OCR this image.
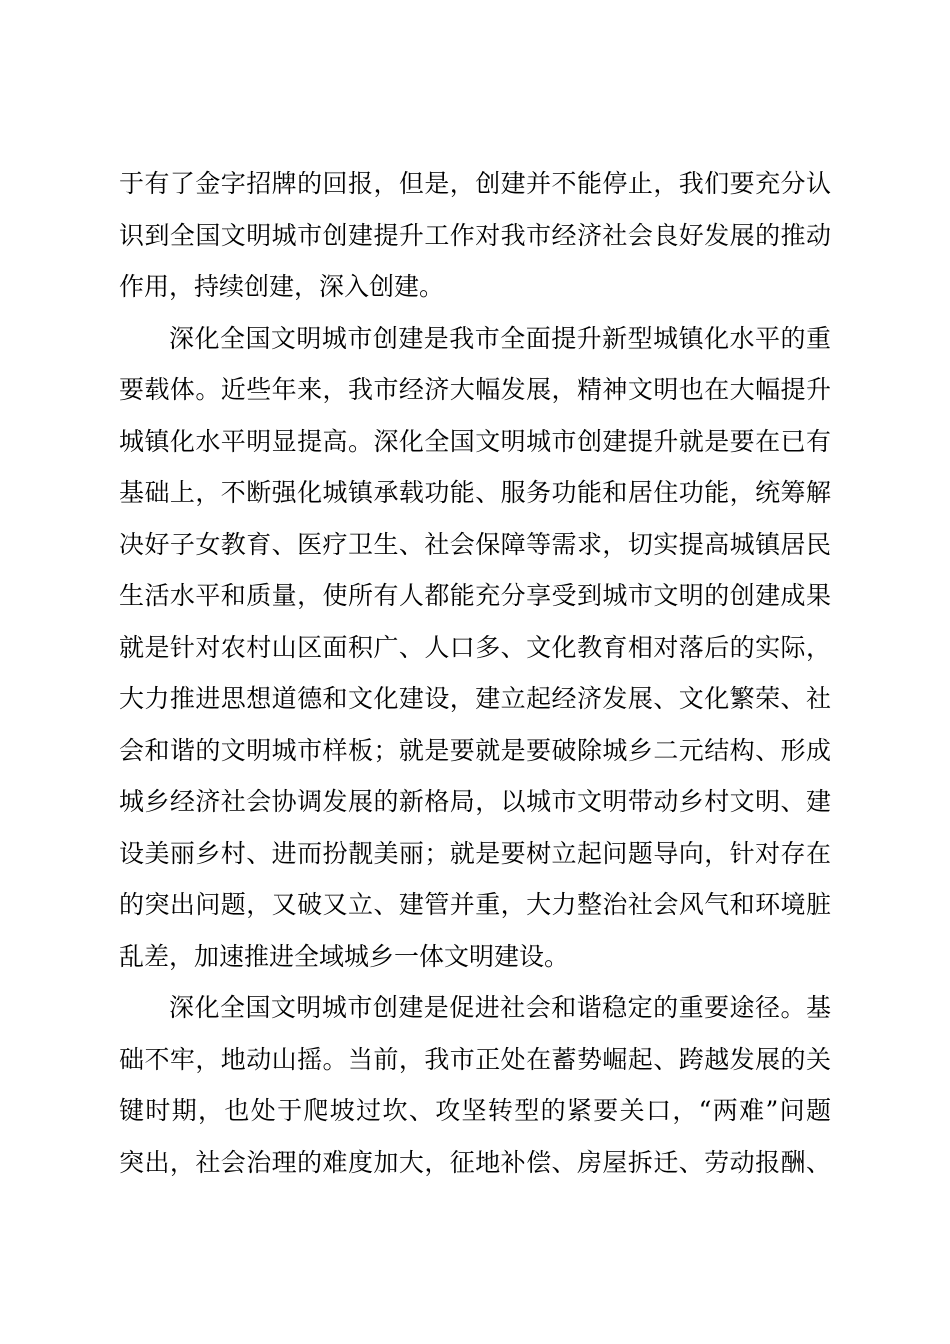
于有了金字招牌的回报，但是，创建并不能停止，我们要充分认
识到全国文明城市创建提升工作对我市经济社会良好发展的推动
作用，持续创建，深入创建。
深化全国文明城市创建是我市全面提升新型城镇化水平的重
要载体。近些年来，我市经济大幅发展，精神文明也在大幅提升
城镇化水平明显提高。深化全国文明城市创建提升就是要在已有
基础上，不断强化城镇承载功能、服务功能和居住功能，统筹解
决好子女教育、医疗卫生、社会保障等需求，切实提高城镇居民
生活水平和质量，使所有人都能充分享受到城市文明的创建成果
就是针对农村山区面积广、人口多、文化教育相对落后的实际，
大力推进思想道德和文化建设，建立起经济发展、文化繁荣、社
会和谐的文明城市样板；就是要就是要破除城乡二元结构、形成
城乡经济社会协调发展的新格局，以城市文明带动乡村文明、建
设美丽乡村、进而扮靓美丽；就是要树立起问题导向，针对存在
的突出问题，又破又立、建管并重，大力整治社会风气和环境脏
乱差，加速推进全域城乡一体文明建设。
深化全国文明城市创建是促进社会和谐稳定的重要途径。基
础不牢，地动山摇。当前，我市正处在蓄势崛起、跨越发展的关
键时期，也处于爬坡过坎、攻坚转型的紧要关口，“两难”问题
突出，社会治理的难度加大，征地补偿、房屋拆迁、劳动报酬、
